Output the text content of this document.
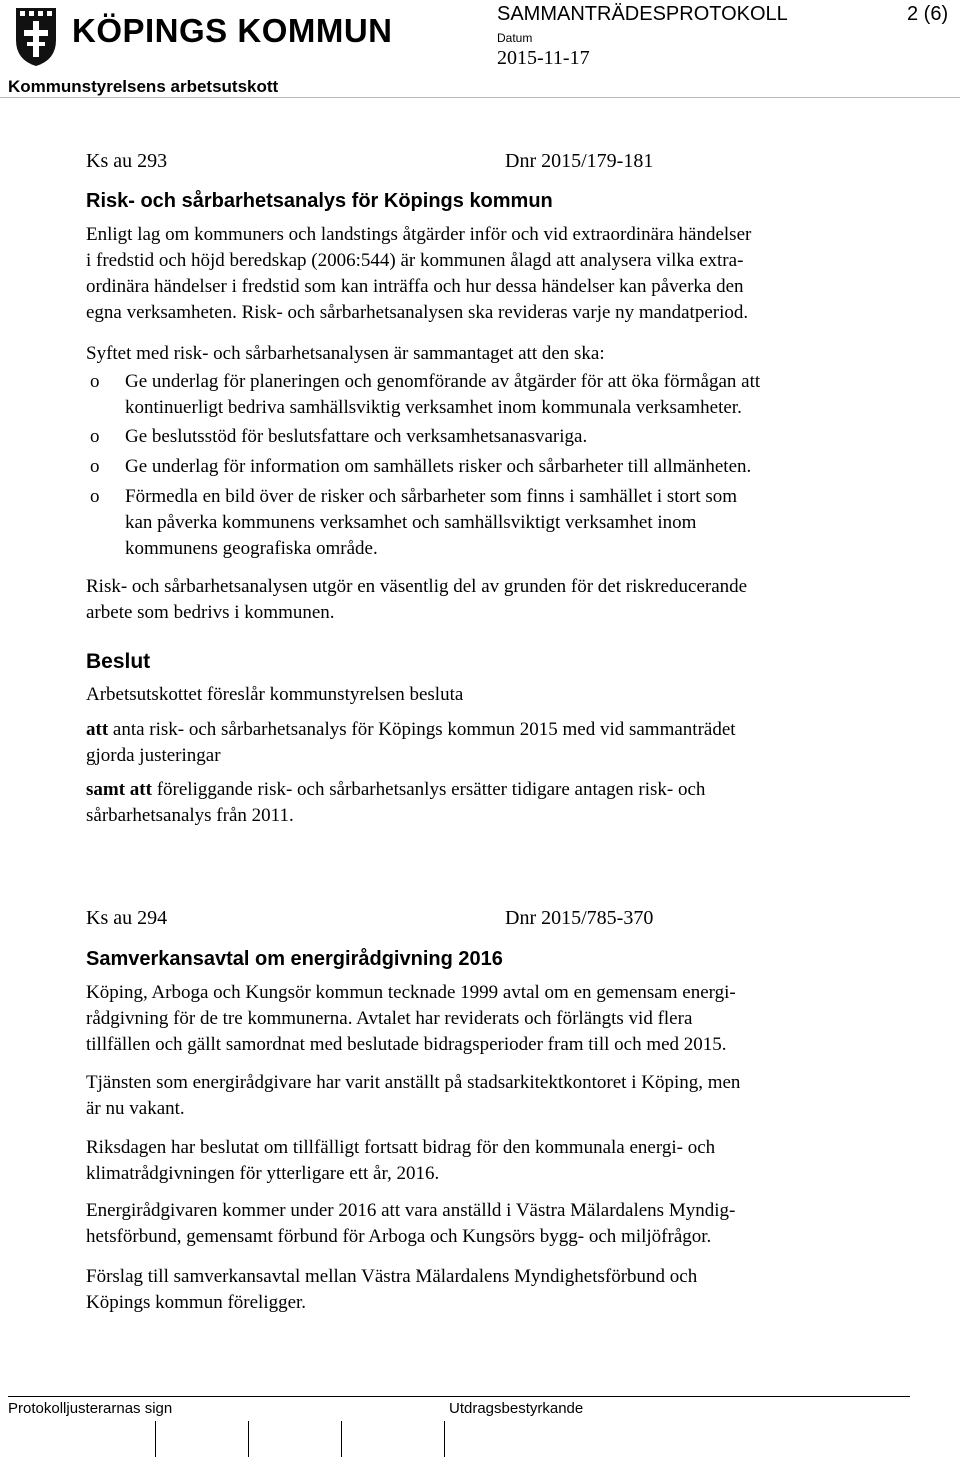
KÖPINGS KOMMUN	SAMMANTRÄDESPROTOKOLL	2 (6)
Datum
2015-11-17
Kommunstyrelsens arbetsutskott
Ks au 293	Dnr 2015/179-181
Risk- och sårbarhetsanalys för Köpings kommun
Enligt lag om kommuners och landstings åtgärder inför och vid extraordinära händelser
i fredstid och höjd beredskap (2006:544) är kommunen ålagd att analysera vilka extra-
ordinära händelser i fredstid som kan inträffa och hur dessa händelser kan påverka den
egna verksamheten. Risk- och sårbarhetsanalysen ska revideras varje ny mandatperiod.
Syftet med risk- och sårbarhetsanalysen är sammantaget att den ska:
o Ge underlag för planeringen och genomförande av åtgärder för att öka förmågan att
kontinuerligt bedriva samhällsviktig verksamhet inom kommunala verksamheter.
o Ge beslutsstöd för beslutsfattare och verksamhetsanasvariga.
o Ge underlag för information om samhällets risker och sårbarheter till allmänheten.
o Förmedla en bild över de risker och sårbarheter som finns i samhället i stort som
kan påverka kommunens verksamhet och samhällsviktigt verksamhet inom
kommunens geografiska område.
Risk- och sårbarhetsanalysen utgör en väsentlig del av grunden för det riskreducerande
arbete som bedrivs i kommunen.
Beslut
Arbetsutskottet föreslår kommunstyrelsen besluta
att anta risk- och sårbarhetsanalys för Köpings kommun 2015 med vid sammanträdet
gjorda justeringar
samt att föreliggande risk- och sårbarhetsanlys ersätter tidigare antagen risk- och
sårbarhetsanalys från 2011.
Ks au 294	Dnr 2015/785-370
Samverkansavtal om energirådgivning 2016
Köping, Arboga och Kungsör kommun tecknade 1999 avtal om en gemensam energi-
rådgivning för de tre kommunerna. Avtalet har reviderats och förlängts vid flera
tillfällen och gällt samordnat med beslutade bidragsperioder fram till och med 2015.
Tjänsten som energirådgivare har varit anställt på stadsarkitektkontoret i Köping, men
är nu vakant.
Riksdagen har beslutat om tillfälligt fortsatt bidrag för den kommunala energi- och
klimatrådgivningen för ytterligare ett år, 2016.
Energirådgivaren kommer under 2016 att vara anställd i Västra Mälardalens Myndig-
hetsförbund, gemensamt förbund för Arboga och Kungsörs bygg- och miljöfrågor.
Förslag till samverkansavtal mellan Västra Mälardalens Myndighetsförbund och
Köpings kommun föreligger.
Protokolljusterarnas sign	Utdragsbestyrkande
